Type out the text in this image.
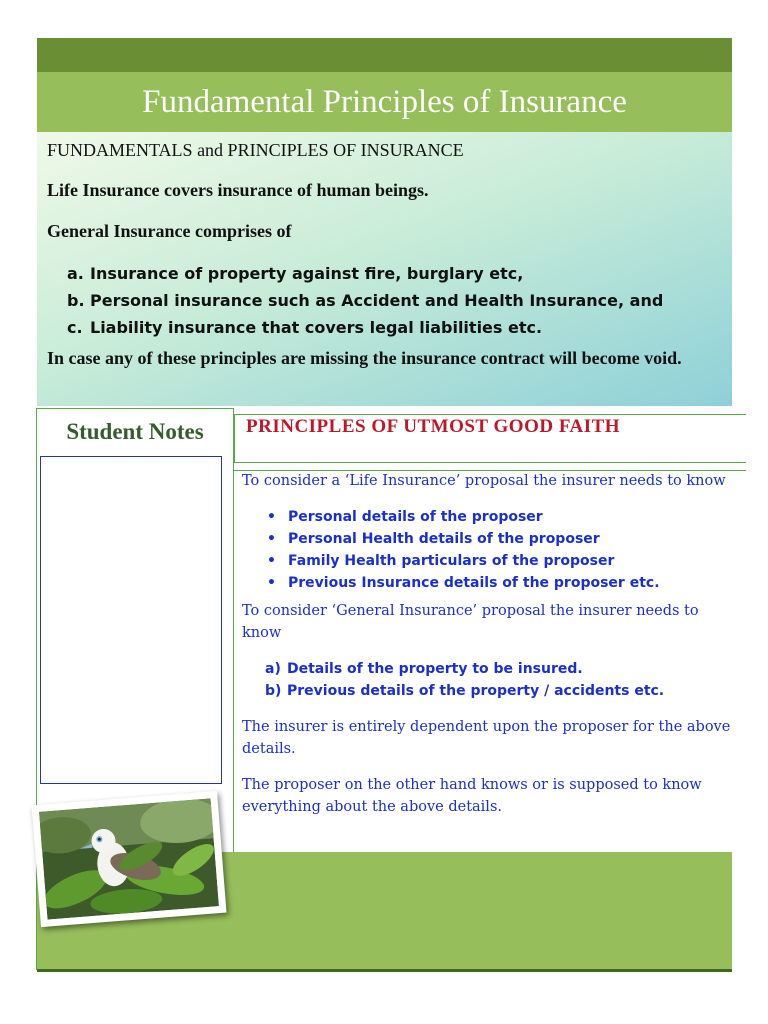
Fundamental Principles of Insurance

FUNDAMENTALS and PRINCIPLES OF INSURANCE

Life Insurance covers insurance of human beings.

General Insurance comprises of

a. Insurance of property against fire, burglary etc,
b. Personal insurance such as Accident and Health Insurance, and
c. Liability insurance that covers legal liabilities etc.

In case any of these principles are missing the insurance contract will become void.

Student Notes	PRINCIPLES OF UTMOST GOOD FAITH

To consider a ‘Life Insurance’ proposal the insurer needs to know

• Personal details of the proposer
• Personal Health details of the proposer
• Family Health particulars of the proposer
• Previous Insurance details of the proposer etc.

To consider ‘General Insurance’ proposal the insurer needs to know

a) Details of the property to be insured.
b) Previous details of the property / accidents etc.

The insurer is entirely dependent upon the proposer for the above details.

The proposer on the other hand knows or is supposed to know everything about the above details.
